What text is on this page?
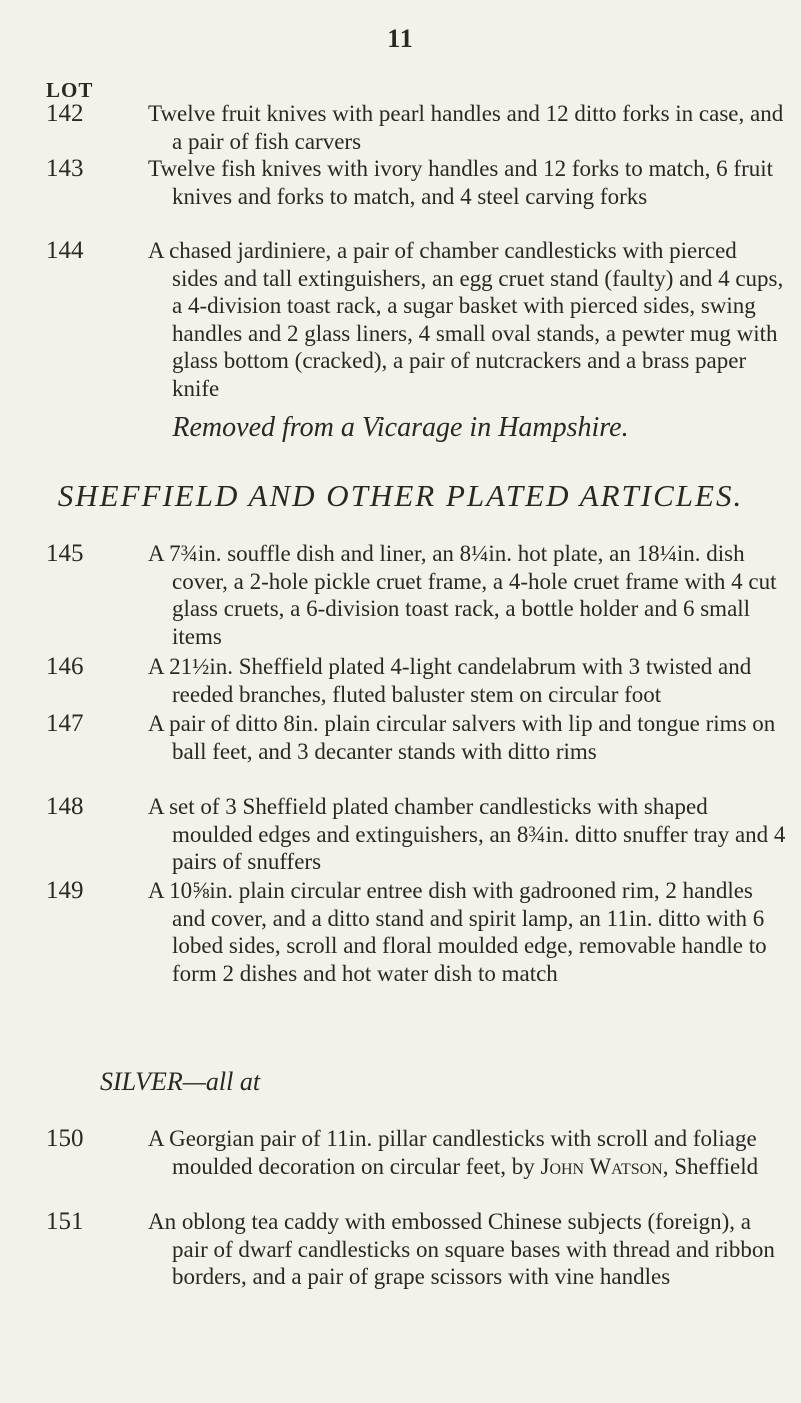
11
LOT
142	Twelve fruit knives with pearl handles and 12 ditto forks in case, and a pair of fish carvers
143	Twelve fish knives with ivory handles and 12 forks to match, 6 fruit knives and forks to match, and 4 steel carving forks
144	A chased jardiniere, a pair of chamber candlesticks with pierced sides and tall extinguishers, an egg cruet stand (faulty) and 4 cups, a 4-division toast rack, a sugar basket with pierced sides, swing handles and 2 glass liners, 4 small oval stands, a pewter mug with glass bottom (cracked), a pair of nutcrackers and a brass paper knife
Removed from a Vicarage in Hampshire.
SHEFFIELD AND OTHER PLATED ARTICLES.
145	A 7¾in. souffle dish and liner, an 8¼in. hot plate, an 18¼in. dish cover, a 2-hole pickle cruet frame, a 4-hole cruet frame with 4 cut glass cruets, a 6-division toast rack, a bottle holder and 6 small items
146	A 21½in. Sheffield plated 4-light candelabrum with 3 twisted and reeded branches, fluted baluster stem on circular foot
147	A pair of ditto 8in. plain circular salvers with lip and tongue rims on ball feet, and 3 decanter stands with ditto rims
148	A set of 3 Sheffield plated chamber candlesticks with shaped moulded edges and extinguishers, an 8¾in. ditto snuffer tray and 4 pairs of snuffers
149	A 10⅝in. plain circular entree dish with gadrooned rim, 2 handles and cover, and a ditto stand and spirit lamp, an 11in. ditto with 6 lobed sides, scroll and floral moulded edge, removable handle to form 2 dishes and hot water dish to match
SILVER—all at
150	A Georgian pair of 11in. pillar candlesticks with scroll and foliage moulded decoration on circular feet, by John Watson, Sheffield
151	An oblong tea caddy with embossed Chinese subjects (foreign), a pair of dwarf candlesticks on square bases with thread and ribbon borders, and a pair of grape scissors with vine handles
